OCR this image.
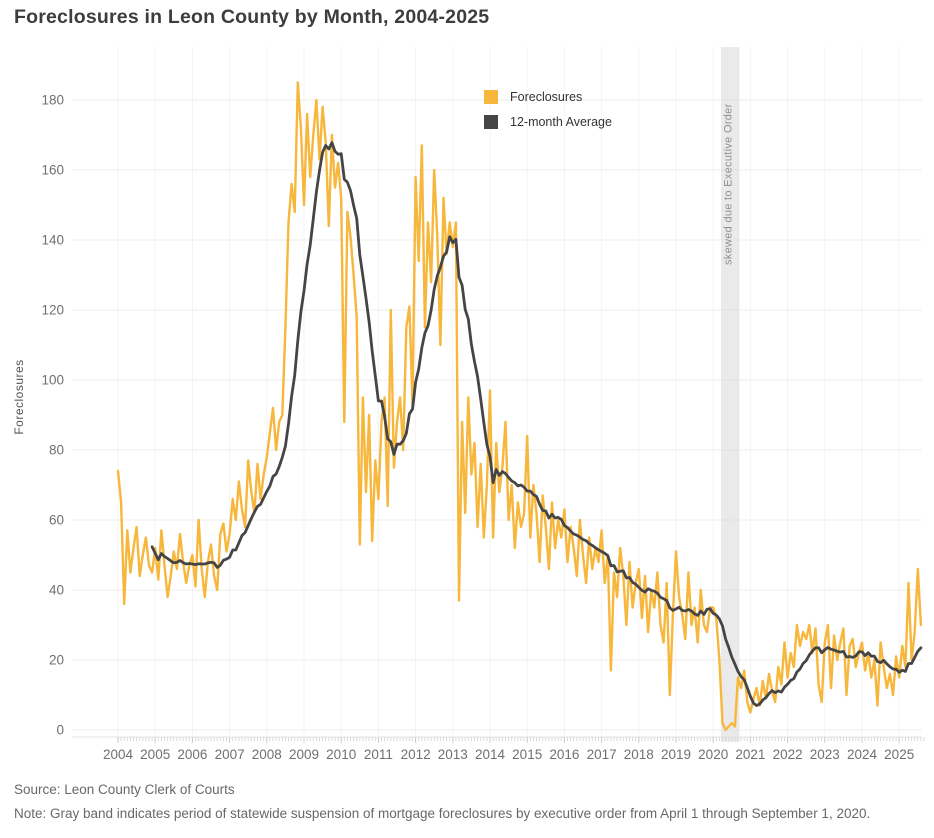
Foreclosures in Leon County by Month, 2004-2025
0
20
40
60
80
100
120
140
160
180
skewed due to Executive Order
2004 2005 2006 2007 2008 2009 2010 2011 2012 2013 2014 2015 2016 2017 2018 2019 2020 2021 2022 2023 2024 2025
Foreclosures
Foreclosures
12-month Average
Source: Leon County Clerk of Courts
Note: Gray band indicates period of statewide suspension of mortgage foreclosures by executive order from April 1 through September 1, 2020.
